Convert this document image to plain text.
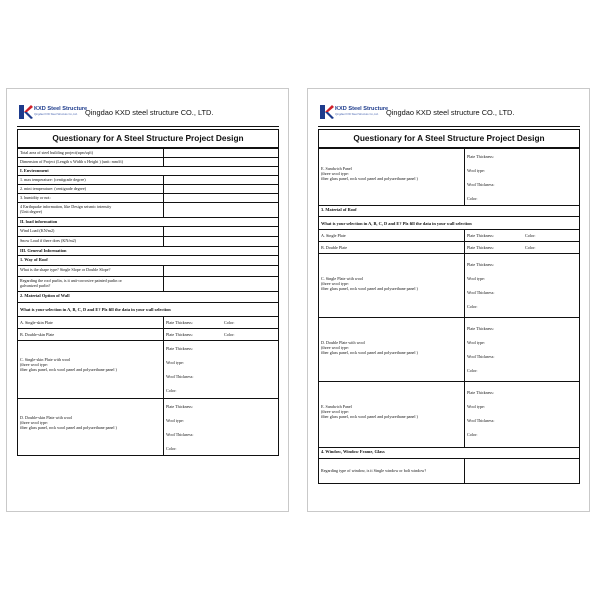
KXD Steel Structure
Qingdao KXD Steel Structure Co.,Ltd. Qingdao KXD steel structure CO., LTD.
Questionary for A Steel Structure Project Design
Total area of steel building project(sqm/sqft)
Dimension of Project (Length x Width x Height ) (unit: mm/ft)
I. Environment
1. max temperature: (centigrade degree)
2. mini temperature: (centigrade degree)
3. humidity or not:
4 Earthquake information, like Design seismic intensity
(Unit:degree)
II. load information
Wind Load (KN/m2)
Snow Load if there does (KN/m2)
III. General Information
1. Way of Roof
What is the shape type? Single Slope or Double Slope?
Regarding the roof purlin, is it anti-corrosive painted purlin or
galvanized purlin?
2. Material Option of Wall
What is your selection in A, B, C, D and E? Plz fill the data in your wall selection
A. Single-skin Plate	Plate Thickness:	Color:
B. Double-skin Plate	Plate Thickness:	Color:
C. Single-skin Plate with wool
(three wool type:
fiber glass panel, rock wool panel and polyurethane panel )
Plate Thickness:
Wool type:
Wool Thickness:
Color:
D. Double-skin Plate with wool
(three wool type:
fiber glass panel, rock wool panel and polyurethane panel )
Plate Thickness:
Wool type:
Wool Thickness:
Color:
KXD Steel Structure
Qingdao KXD Steel Structure Co.,Ltd. Qingdao KXD steel structure CO., LTD.
Questionary for A Steel Structure Project Design
E. Sandwich Panel
(three wool type:
fiber glass panel, rock wool panel and polyurethane panel )
Plate Thickness:
Wool type:
Wool Thickness:
Color:
3. Material of Roof
What is your selection in A, B, C, D and E? Plz fill the data in your wall selection
A. Single Plate	Plate Thickness:	Color:
B. Double Plate	Plate Thickness:	Color:
C. Single Plate with wool
(three wool type:
fiber glass panel, rock wool panel and polyurethane panel )
Plate Thickness:
Wool type:
Wool Thickness:
Color:
D. Double Plate with wool
(three wool type:
fiber glass panel, rock wool panel and polyurethane panel )
Plate Thickness:
Wool type:
Wool Thickness:
Color:
E. Sandwich Panel
(three wool type:
fiber glass panel, rock wool panel and polyurethane panel )
Plate Thickness:
Wool type:
Wool Thickness:
Color:
4. Window, Window Frame, Glass
Regarding type of window, is it Single window or bolt window?
